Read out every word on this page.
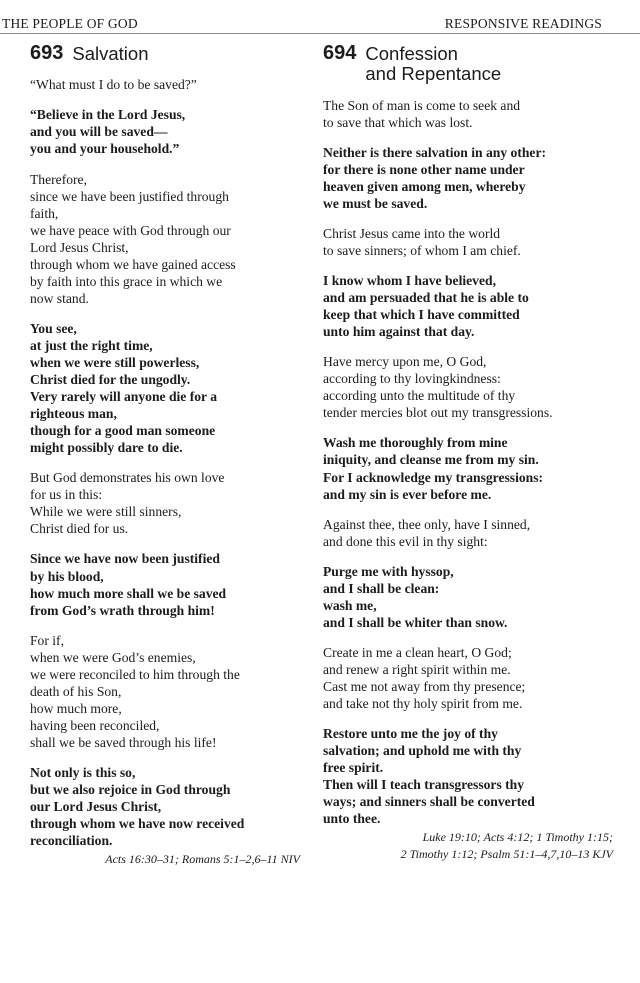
THE PEOPLE OF GOD	RESPONSIVE READINGS
693 Salvation
“What must I do to be saved?”
“Believe in the Lord Jesus,
and you will be saved—
you and your household.”
Therefore,
since we have been justified through
faith,
we have peace with God through our
Lord Jesus Christ,
through whom we have gained access
by faith into this grace in which we
now stand.
You see,
at just the right time,
when we were still powerless,
Christ died for the ungodly.
Very rarely will anyone die for a
righteous man,
though for a good man someone
might possibly dare to die.
But God demonstrates his own love
for us in this:
While we were still sinners,
Christ died for us.
Since we have now been justified
by his blood,
how much more shall we be saved
from God’s wrath through him!
For if,
when we were God’s enemies,
we were reconciled to him through the
death of his Son,
how much more,
having been reconciled,
shall we be saved through his life!
Not only is this so,
but we also rejoice in God through
our Lord Jesus Christ,
through whom we have now received
reconciliation.
Acts 16:30–31; Romans 5:1–2,6–11 NIV
694 Confession
and Repentance
The Son of man is come to seek and
to save that which was lost.
Neither is there salvation in any other:
for there is none other name under
heaven given among men, whereby
we must be saved.
Christ Jesus came into the world
to save sinners; of whom I am chief.
I know whom I have believed,
and am persuaded that he is able to
keep that which I have committed
unto him against that day.
Have mercy upon me, O God,
according to thy lovingkindness:
according unto the multitude of thy
tender mercies blot out my transgressions.
Wash me thoroughly from mine
iniquity, and cleanse me from my sin.
For I acknowledge my transgressions:
and my sin is ever before me.
Against thee, thee only, have I sinned,
and done this evil in thy sight:
Purge me with hyssop,
and I shall be clean:
wash me,
and I shall be whiter than snow.
Create in me a clean heart, O God;
and renew a right spirit within me.
Cast me not away from thy presence;
and take not thy holy spirit from me.
Restore unto me the joy of thy
salvation; and uphold me with thy
free spirit.
Then will I teach transgressors thy
ways; and sinners shall be converted
unto thee.
Luke 19:10; Acts 4:12; 1 Timothy 1:15;
2 Timothy 1:12; Psalm 51:1–4,7,10–13 KJV
